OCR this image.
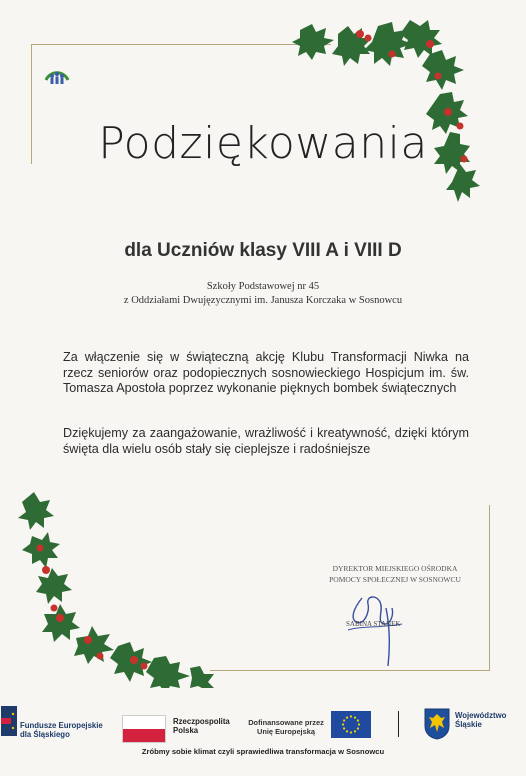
Podziękowania
dla Uczniów klasy VIII A i VIII D
Szkoły Podstawowej nr 45
z Oddziałami Dwujęzycznymi im. Janusza Korczaka w Sosnowcu
Za włączenie się w świąteczną akcję Klubu Transformacji Niwka na rzecz seniorów oraz podopiecznych sosnowieckiego Hospicjum im. św. Tomasza Apostoła poprzez wykonanie pięknych bombek świątecznych
Dziękujemy za zaangażowanie, wrażliwość i kreatywność, dzięki którym święta dla wielu osób stały się cieplejsze i radośniejsze
DYREKTOR MIEJSKIEGO OŚRODKA
POMOCY SPOŁECZNEJ W SOSNOWCU
SABINA STANEK
Fundusze Europejskie
dla Śląskiego
Rzeczpospolita
Polska
Dofinansowane przez
Unię Europejską
Województwo
Śląskie
Zróbmy sobie klimat czyli sprawiedliwa transformacja w Sosnowcu
